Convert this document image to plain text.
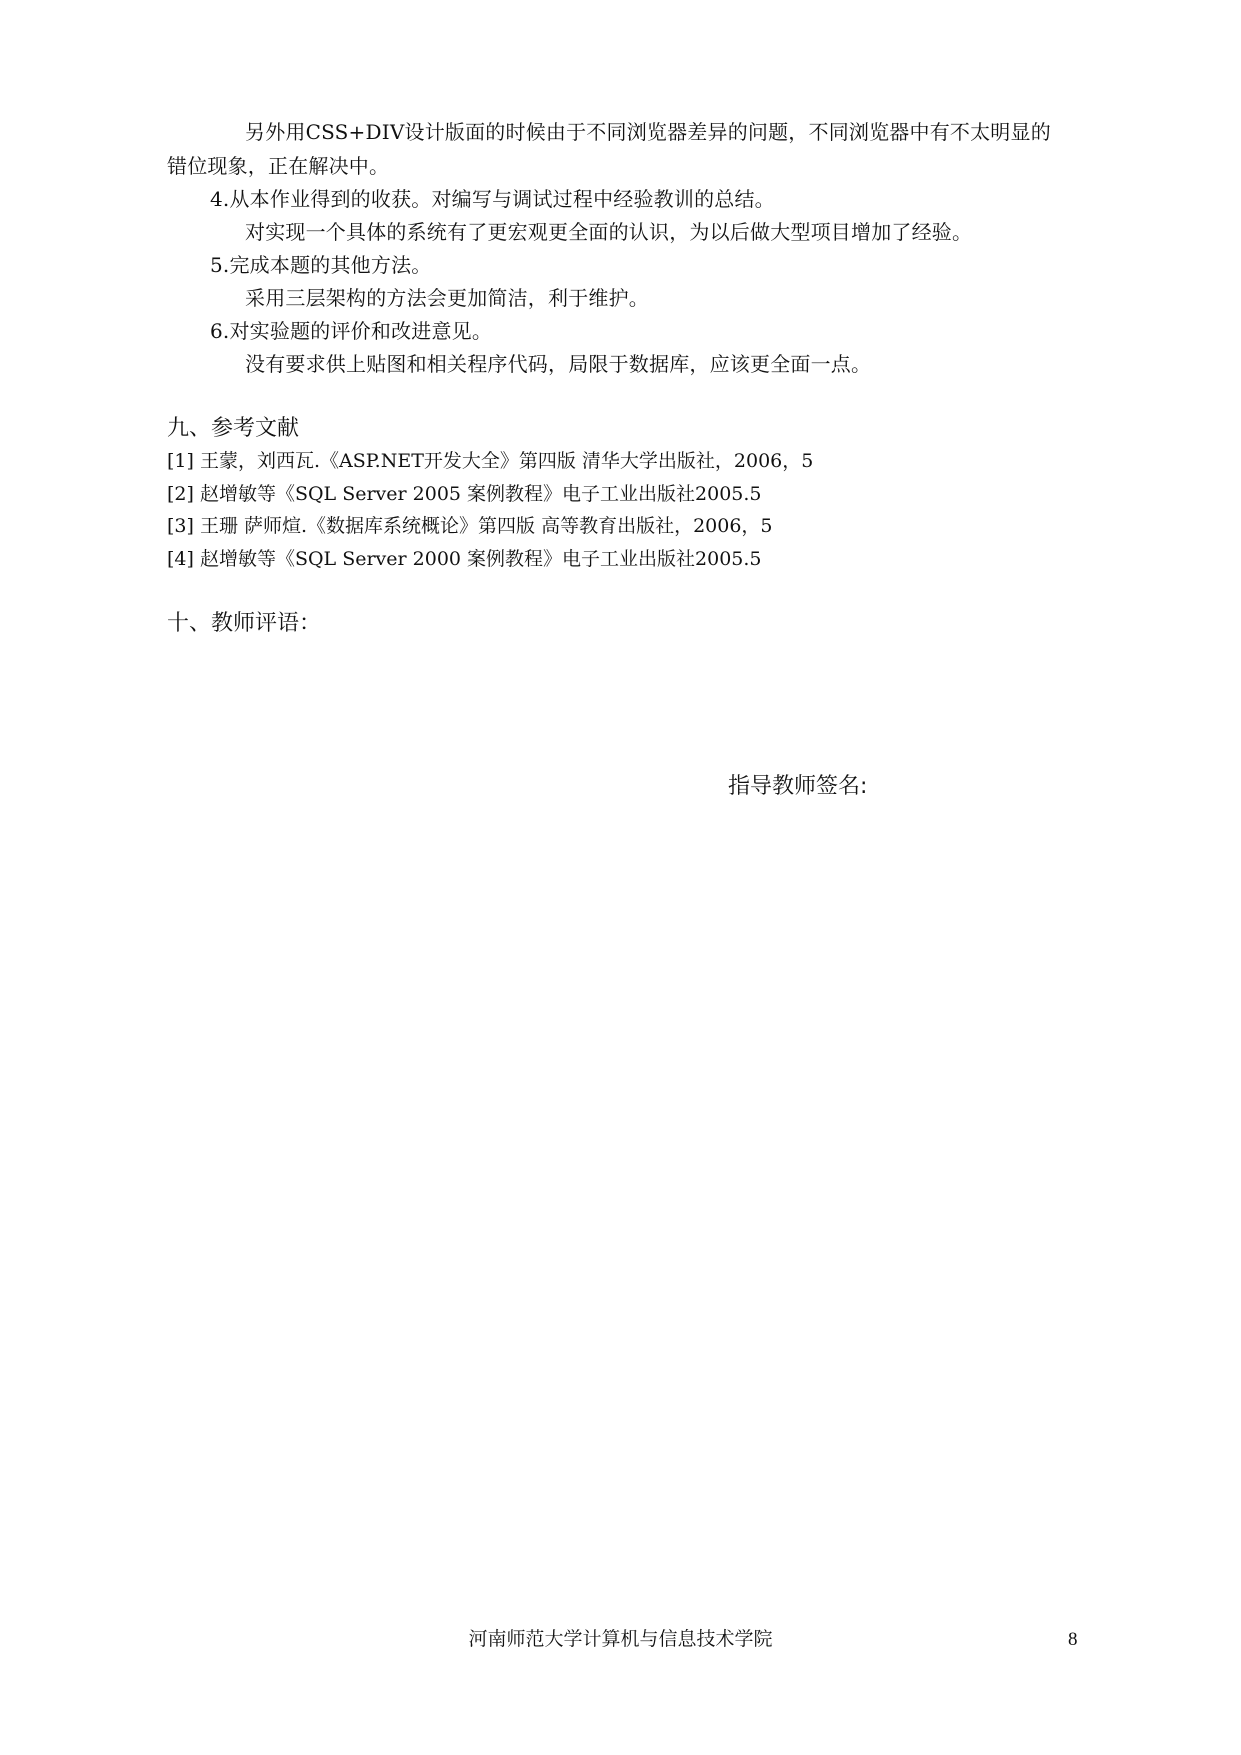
另外用CSS+DIV设计版面的时候由于不同浏览器差异的问题，不同浏览器中有不太明显的
错位现象，正在解决中。
4.从本作业得到的收获。对编写与调试过程中经验教训的总结。
对实现一个具体的系统有了更宏观更全面的认识，为以后做大型项目增加了经验。
5.完成本题的其他方法。
采用三层架构的方法会更加简洁，利于维护。
6.对实验题的评价和改进意见。
没有要求供上贴图和相关程序代码，局限于数据库，应该更全面一点。
九、参考文献
[1] 王蒙，刘西瓦.《ASP.NET开发大全》第四版 清华大学出版社，2006，5
[2] 赵增敏等《SQL Server 2005 案例教程》电子工业出版社2005.5
[3] 王珊 萨师煊.《数据库系统概论》第四版 高等教育出版社，2006，5
[4] 赵增敏等《SQL Server 2000 案例教程》电子工业出版社2005.5
十、教师评语：
指导教师签名:
河南师范大学计算机与信息技术学院	8
